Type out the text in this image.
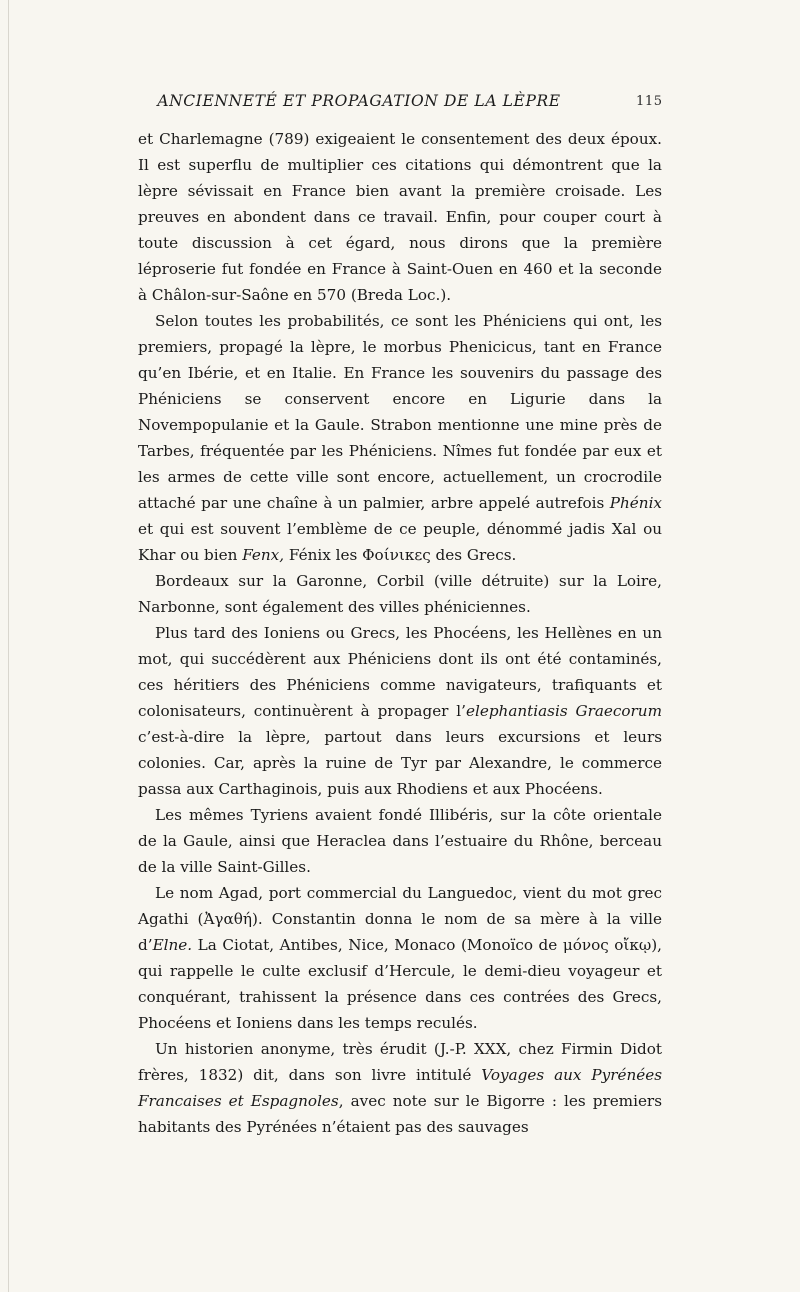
ANCIENNETÉ ET PROPAGATION DE LA LÈPRE	115

et Charlemagne (789) exigeaient le consentement des deux époux. Il est superflu de multiplier ces citations qui démontrent que la lèpre sévissait en France bien avant la première croisade. Les preuves en abondent dans ce travail. Enfin, pour couper court à toute discussion à cet égard, nous dirons que la première léproserie fut fondée en France à Saint-Ouen en 460 et la seconde à Châlon-sur-Saône en 570 (Breda Loc.).

Selon toutes les probabilités, ce sont les Phéniciens qui ont, les premiers, propagé la lèpre, le morbus Phenicicus, tant en France qu’en Ibérie, et en Italie. En France les souvenirs du passage des Phéniciens se conservent encore en Ligurie dans la Novempopulanie et la Gaule. Strabon mentionne une mine près de Tarbes, fréquentée par les Phéniciens. Nîmes fut fondée par eux et les armes de cette ville sont encore, actuellement, un crocrodile attaché par une chaîne à un palmier, arbre appelé autrefois Phénix et qui est souvent l’emblème de ce peuple, dénommé jadis Xal ou Khar ou bien Fenx, Fénix les Φοίνικες des Grecs.

Bordeaux sur la Garonne, Corbil (ville détruite) sur la Loire, Narbonne, sont également des villes phéniciennes.

Plus tard des Ioniens ou Grecs, les Phocéens, les Hellènes en un mot, qui succédèrent aux Phéniciens dont ils ont été contaminés, ces héritiers des Phéniciens comme navigateurs, trafiquants et colonisateurs, continuèrent à propager l’elephantiasis Graecorum c’est-à-dire la lèpre, partout dans leurs excursions et leurs colonies. Car, après la ruine de Tyr par Alexandre, le commerce passa aux Carthaginois, puis aux Rhodiens et aux Phocéens.

Les mêmes Tyriens avaient fondé Illibéris, sur la côte orientale de la Gaule, ainsi que Heraclea dans l’estuaire du Rhône, berceau de la ville Saint-Gilles.

Le nom Agad, port commercial du Languedoc, vient du mot grec Agathi (Ἀγαθή). Constantin donna le nom de sa mère à la ville d’Elne. La Ciotat, Antibes, Nice, Monaco (Monoïco de μόνος οἴκῳ), qui rappelle le culte exclusif d’Hercule, le demi-dieu voyageur et conquérant, trahissent la présence dans ces contrées des Grecs, Phocéens et Ioniens dans les temps reculés.

Un historien anonyme, très érudit (J.-P. XXX, chez Firmin Didot frères, 1832) dit, dans son livre intitulé Voyages aux Pyrénées Francaises et Espagnoles, avec note sur le Bigorre : les premiers habitants des Pyrénées n’étaient pas des sauvages
